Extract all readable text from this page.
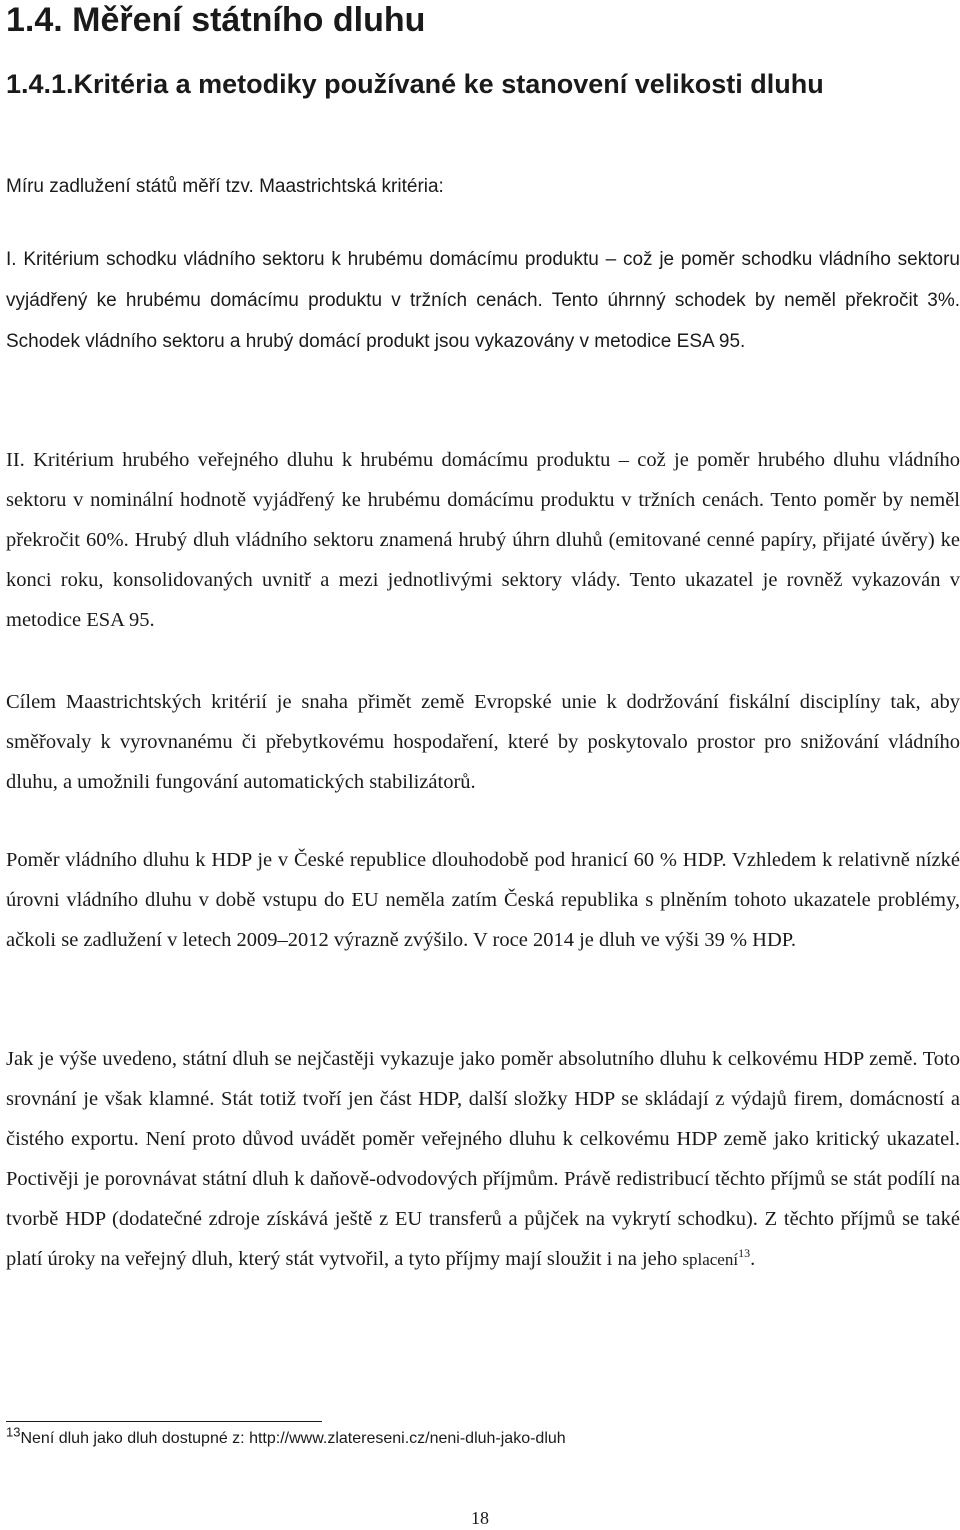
1.4. Měření státního dluhu
1.4.1.Kritéria a metodiky používané ke stanovení velikosti dluhu

Míru zadlužení států měří tzv. Maastrichtská kritéria:

I. Kritérium schodku vládního sektoru k hrubému domácímu produktu – což je poměr schodku vládního sektoru vyjádřený ke hrubému domácímu produktu v tržních cenách. Tento úhrnný schodek by neměl překročit 3%. Schodek vládního sektoru a hrubý domácí produkt jsou vykazovány v metodice ESA 95.

II. Kritérium hrubého veřejného dluhu k hrubému domácímu produktu – což je poměr hrubého dluhu vládního sektoru v nominální hodnotě vyjádřený ke hrubému domácímu produktu v tržních cenách. Tento poměr by neměl překročit 60%. Hrubý dluh vládního sektoru znamená hrubý úhrn dluhů (emitované cenné papíry, přijaté úvěry) ke konci roku, konsolidovaných uvnitř a mezi jednotlivými sektory vlády. Tento ukazatel je rovněž vykazován v metodice ESA 95.

Cílem Maastrichtských kritérií je snaha přimět země Evropské unie k dodržování fiskální disciplíny tak, aby směřovaly k vyrovnanému či přebytkovému hospodaření, které by poskytovalo prostor pro snižování vládního dluhu, a umožnili fungování automatických stabilizátorů.

Poměr vládního dluhu k HDP je v České republice dlouhodobě pod hranicí 60 % HDP. Vzhledem k relativně nízké úrovni vládního dluhu v době vstupu do EU neměla zatím Česká republika s plněním tohoto ukazatele problémy, ačkoli se zadlužení v letech 2009–2012 výrazně zvýšilo. V roce 2014 je dluh ve výši 39 % HDP.

Jak je výše uvedeno, státní dluh se nejčastěji vykazuje jako poměr absolutního dluhu k celkovému HDP země. Toto srovnání je však klamné. Stát totiž tvoří jen část HDP, další složky HDP se skládají z výdajů firem, domácností a čistého exportu. Není proto důvod uvádět poměr veřejného dluhu k celkovému HDP země jako kritický ukazatel. Poctivěji je porovnávat státní dluh k daňově-odvodových příjmům. Právě redistribucí těchto příjmů se stát podílí na tvorbě HDP (dodatečné zdroje získává ještě z EU transferů a půjček na vykrytí schodku). Z těchto příjmů se také platí úroky na veřejný dluh, který stát vytvořil, a tyto příjmy mají sloužit i na jeho splacení$^{13}$.

$^{13}$Není dluh jako dluh dostupné z: http://www.zlatereseni.cz/neni-dluh-jako-dluh
18
